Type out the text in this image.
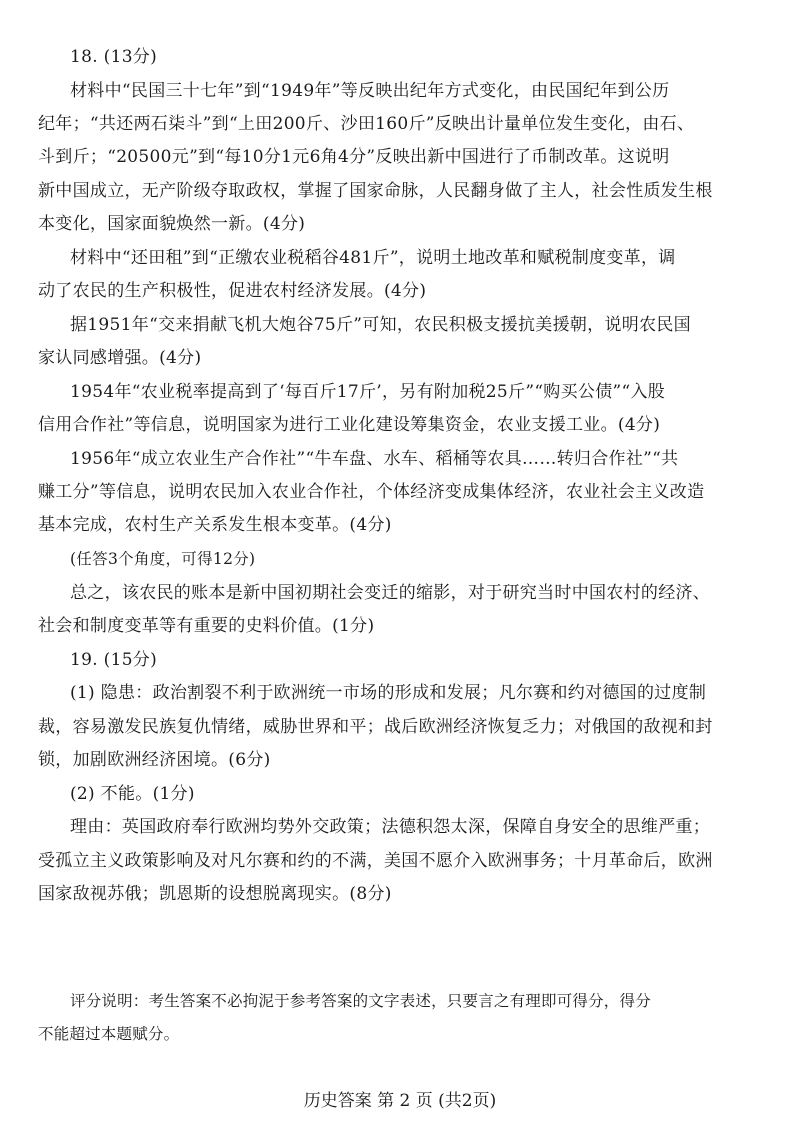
18. (13分)
材料中“民国三十七年”到“1949年”等反映出纪年方式变化，由民国纪年到公历
纪年；“共还两石柒斗”到“上田200斤、沙田160斤”反映出计量单位发生变化，由石、
斗到斤；“20500元”到“每10分1元6角4分”反映出新中国进行了币制改革。这说明
新中国成立，无产阶级夺取政权，掌握了国家命脉，人民翻身做了主人，社会性质发生根
本变化，国家面貌焕然一新。(4分)
材料中“还田租”到“正缴农业税稻谷481斤”，说明土地改革和赋税制度变革，调
动了农民的生产积极性，促进农村经济发展。(4分)
据1951年“交来捐献飞机大炮谷75斤”可知，农民积极支援抗美援朝，说明农民国
家认同感增强。(4分)
1954年“农业税率提高到了‘每百斤17斤’，另有附加税25斤”“购买公债”“入股
信用合作社”等信息，说明国家为进行工业化建设筹集资金，农业支援工业。(4分)
1956年“成立农业生产合作社”“牛车盘、水车、稻桶等农具……转归合作社”“共
赚工分”等信息，说明农民加入农业合作社，个体经济变成集体经济，农业社会主义改造
基本完成，农村生产关系发生根本变革。(4分)
(任答3个角度，可得12分)
总之，该农民的账本是新中国初期社会变迁的缩影，对于研究当时中国农村的经济、
社会和制度变革等有重要的史料价值。(1分)
19. (15分)
(1) 隐患：政治割裂不利于欧洲统一市场的形成和发展；凡尔赛和约对德国的过度制
裁，容易激发民族复仇情绪，威胁世界和平；战后欧洲经济恢复乏力；对俄国的敌视和封
锁，加剧欧洲经济困境。(6分)
(2) 不能。(1分)
理由：英国政府奉行欧洲均势外交政策；法德积怨太深，保障自身安全的思维严重；
受孤立主义政策影响及对凡尔赛和约的不满，美国不愿介入欧洲事务；十月革命后，欧洲
国家敌视苏俄；凯恩斯的设想脱离现实。(8分)
评分说明：考生答案不必拘泥于参考答案的文字表述，只要言之有理即可得分，得分
不能超过本题赋分。
历史答案 第 2 页 (共2页)
